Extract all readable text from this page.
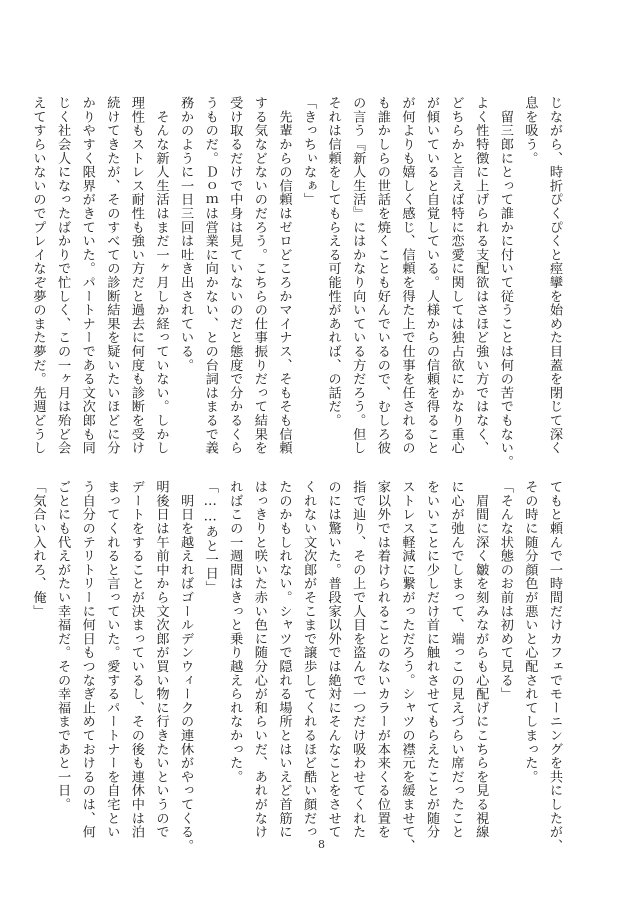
じながら、時折ぴくぴくと痙攣を始めた目蓋を閉じて深く
息を吸う。
　留三郎にとって誰かに付いて従うことは何の苦でもない。
よく性特徴に上げられる支配欲はさほど強い方ではなく、
どちらかと言えば特に恋愛に関しては独占欲にかなり重心
が傾いていると自覚している。人様からの信頼を得ること
が何よりも嬉しく感じ、信頼を得た上で仕事を任されるの
も誰かしらの世話を焼くことも好んでいるので、むしろ彼
の言う『新人生活』にはかなり向いている方だろう。但し
それは信頼をしてもらえる可能性があれば、の話だ。
「きっちぃなぁ」
　先輩からの信頼はゼロどころかマイナス、そもそも信頼
する気などないのだろう。こちらの仕事振りだって結果を
受け取るだけで中身は見ていないのだと態度で分かるくら
うものだ。Ｄｏｍは営業に向かない、との台詞はまるで義
務かのように一日三回は吐き出されている。
　そんな新人生活はまだ一ヶ月しか経っていない。しかし
理性もストレス耐性も強い方だと過去に何度も診断を受け
続けてきたが、そのすべての診断結果を疑いたいほどに分
かりやすく限界がきていた。パートナーである文次郎も同
じく社会人になったばかりで忙しく、この一ヶ月は殆ど会
えてすらいないのでプレイなぞ夢のまた夢だ。先週どうし
てもと頼んで一時間だけカフェでモーニングを共にしたが、
その時に随分顔色が悪いと心配されてしまった。
「そんな状態のお前は初めて見る」
　眉間に深く皺を刻みながらも心配げにこちらを見る視線
に心が弛んでしまって、端っこの見えづらい席だったこと
をいいことに少しだけ首に触れさせてもらえたことが随分
ストレス軽減に繋がっただろう。シャツの襟元を緩ませて、
家以外では着けられることのないカラーが本来くる位置を
指で辿り、その上で人目を盗んで一つだけ吸わせてくれた
のには驚いた。普段家以外では絶対にそんなことをさせて
くれない文次郎がそこまで譲歩してくれるほど酷い顔だっ
たのかもしれない。シャツで隠れる場所とはいえど首筋に
はっきりと咲いた赤い色に随分心が和らいだ、あれがなけ
ればこの一週間はきっと乗り越えられなかった。
「……あと一日」
　明日を越えればゴールデンウィークの連休がやってくる。
明後日は午前中から文次郎が買い物に行きたいというので
デートをすることが決まっているし、その後も連休中は泊
まってくれると言っていた。愛するパートナーを自宅とい
う自分のテリトリーに何日もつなぎ止めておけるのは、何
ごとにも代えがたい幸福だ。その幸福まであと一日。
「気合い入れろ、俺」
8
